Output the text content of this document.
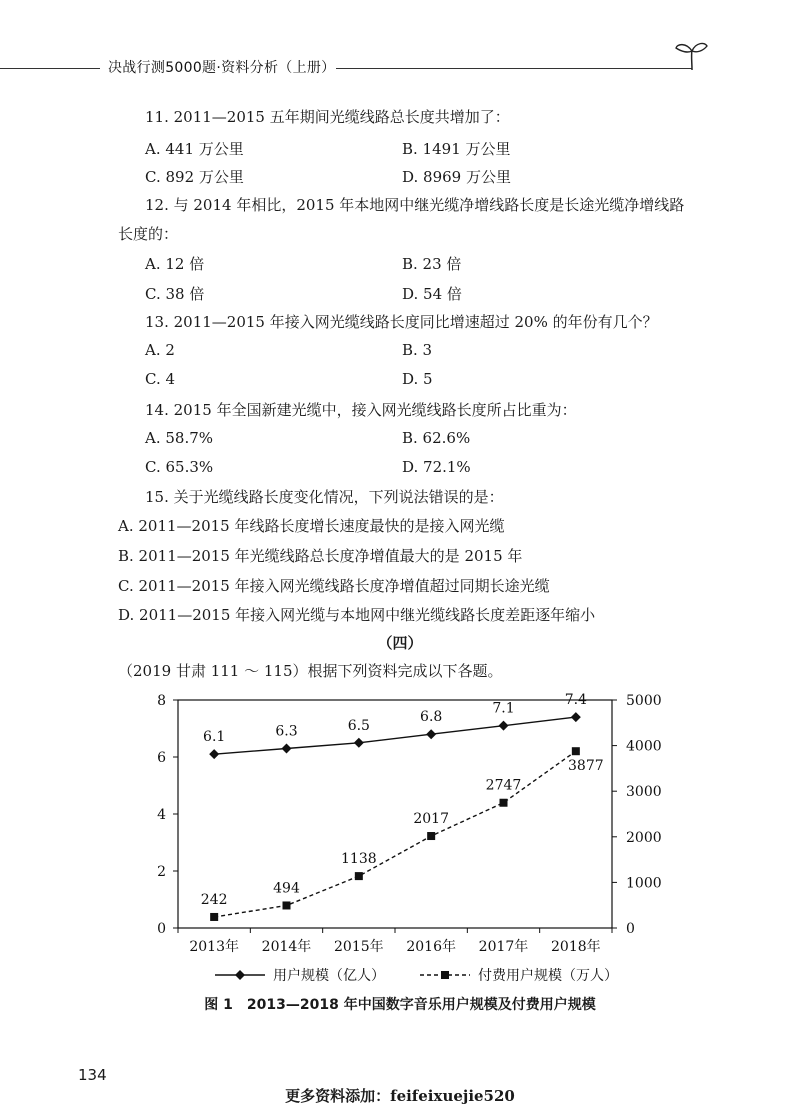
决战行测5000题·资料分析（上册）
11. 2011—2015 五年期间光缆线路总长度共增加了：
A. 441 万公里	B. 1491 万公里
C. 892 万公里	D. 8969 万公里
12. 与 2014 年相比，2015 年本地网中继光缆净增线路长度是长途光缆净增线路
长度的：
A. 12 倍	B. 23 倍
C. 38 倍	D. 54 倍
13. 2011—2015 年接入网光缆线路长度同比增速超过 20% 的年份有几个？
A. 2	B. 3
C. 4	D. 5
14. 2015 年全国新建光缆中，接入网光缆线路长度所占比重为：
A. 58.7%	B. 62.6%
C. 65.3%	D. 72.1%
15. 关于光缆线路长度变化情况，下列说法错误的是：
A. 2011—2015 年线路长度增长速度最快的是接入网光缆
B. 2011—2015 年光缆线路总长度净增值最大的是 2015 年
C. 2011—2015 年接入网光缆线路长度净增值超过同期长途光缆
D. 2011—2015 年接入网光缆与本地网中继光缆线路长度差距逐年缩小
（四）
（2019 甘肃 111 ～ 115）根据下列资料完成以下各题。
0
2
4
6
8
0
1000
2000
3000
4000
5000
2013年 2014年 2015年 2016年 2017年 2018年
6.1	6.3	6.5
6.8
7.1
7.4
242
494
1138
2017
2747
3877
用户规模（亿人）	付费用户规模（万人）
图 1　2013—2018 年中国数字音乐用户规模及付费用户规模
134
更多资料添加：feifeixuejie520
